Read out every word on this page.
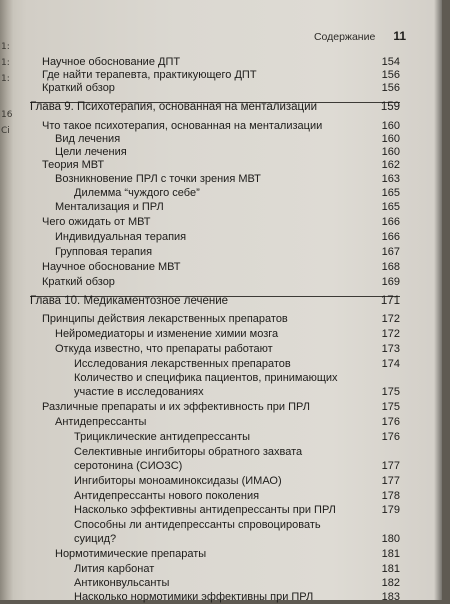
Содержание 11
Научное обоснование ДПТ	154
Где найти терапевта, практикующего ДПТ	156
Краткий обзор	156
Глава 9. Психотерапия, основанная на ментализации	159
Что такое психотерапия, основанная на ментализации	160
Вид лечения	160
Цели лечения	160
Теория МВТ	162
Возникновение ПРЛ с точки зрения МВТ	163
Дилемма “чуждого себе”	165
Ментализация и ПРЛ	165
Чего ожидать от МВТ	166
Индивидуальная терапия	166
Групповая терапия	167
Научное обоснование МВТ	168
Краткий обзор	169
Глава 10. Медикаментозное лечение	171
Принципы действия лекарственных препаратов	172
Нейромедиаторы и изменение химии мозга	172
Откуда известно, что препараты работают	173
Исследования лекарственных препаратов	174
Количество и специфика пациентов, принимающих
участие в исследованиях	175
Различные препараты и их эффективность при ПРЛ	175
Антидепрессанты	176
Трициклические антидепрессанты	176
Селективные ингибиторы обратного захвата
серотонина (СИОЗС)	177
Ингибиторы моноаминоксидазы (ИМАО)	177
Антидепрессанты нового поколения	178
Насколько эффективны антидепрессанты при ПРЛ	179
Способны ли антидепрессанты спровоцировать
суицид?	180
Нормотимические препараты	181
Лития карбонат	181
Антиконвульсанты	182
Насколько нормотимики эффективны при ПРЛ	183
1:
1:
1:
16
Ci
